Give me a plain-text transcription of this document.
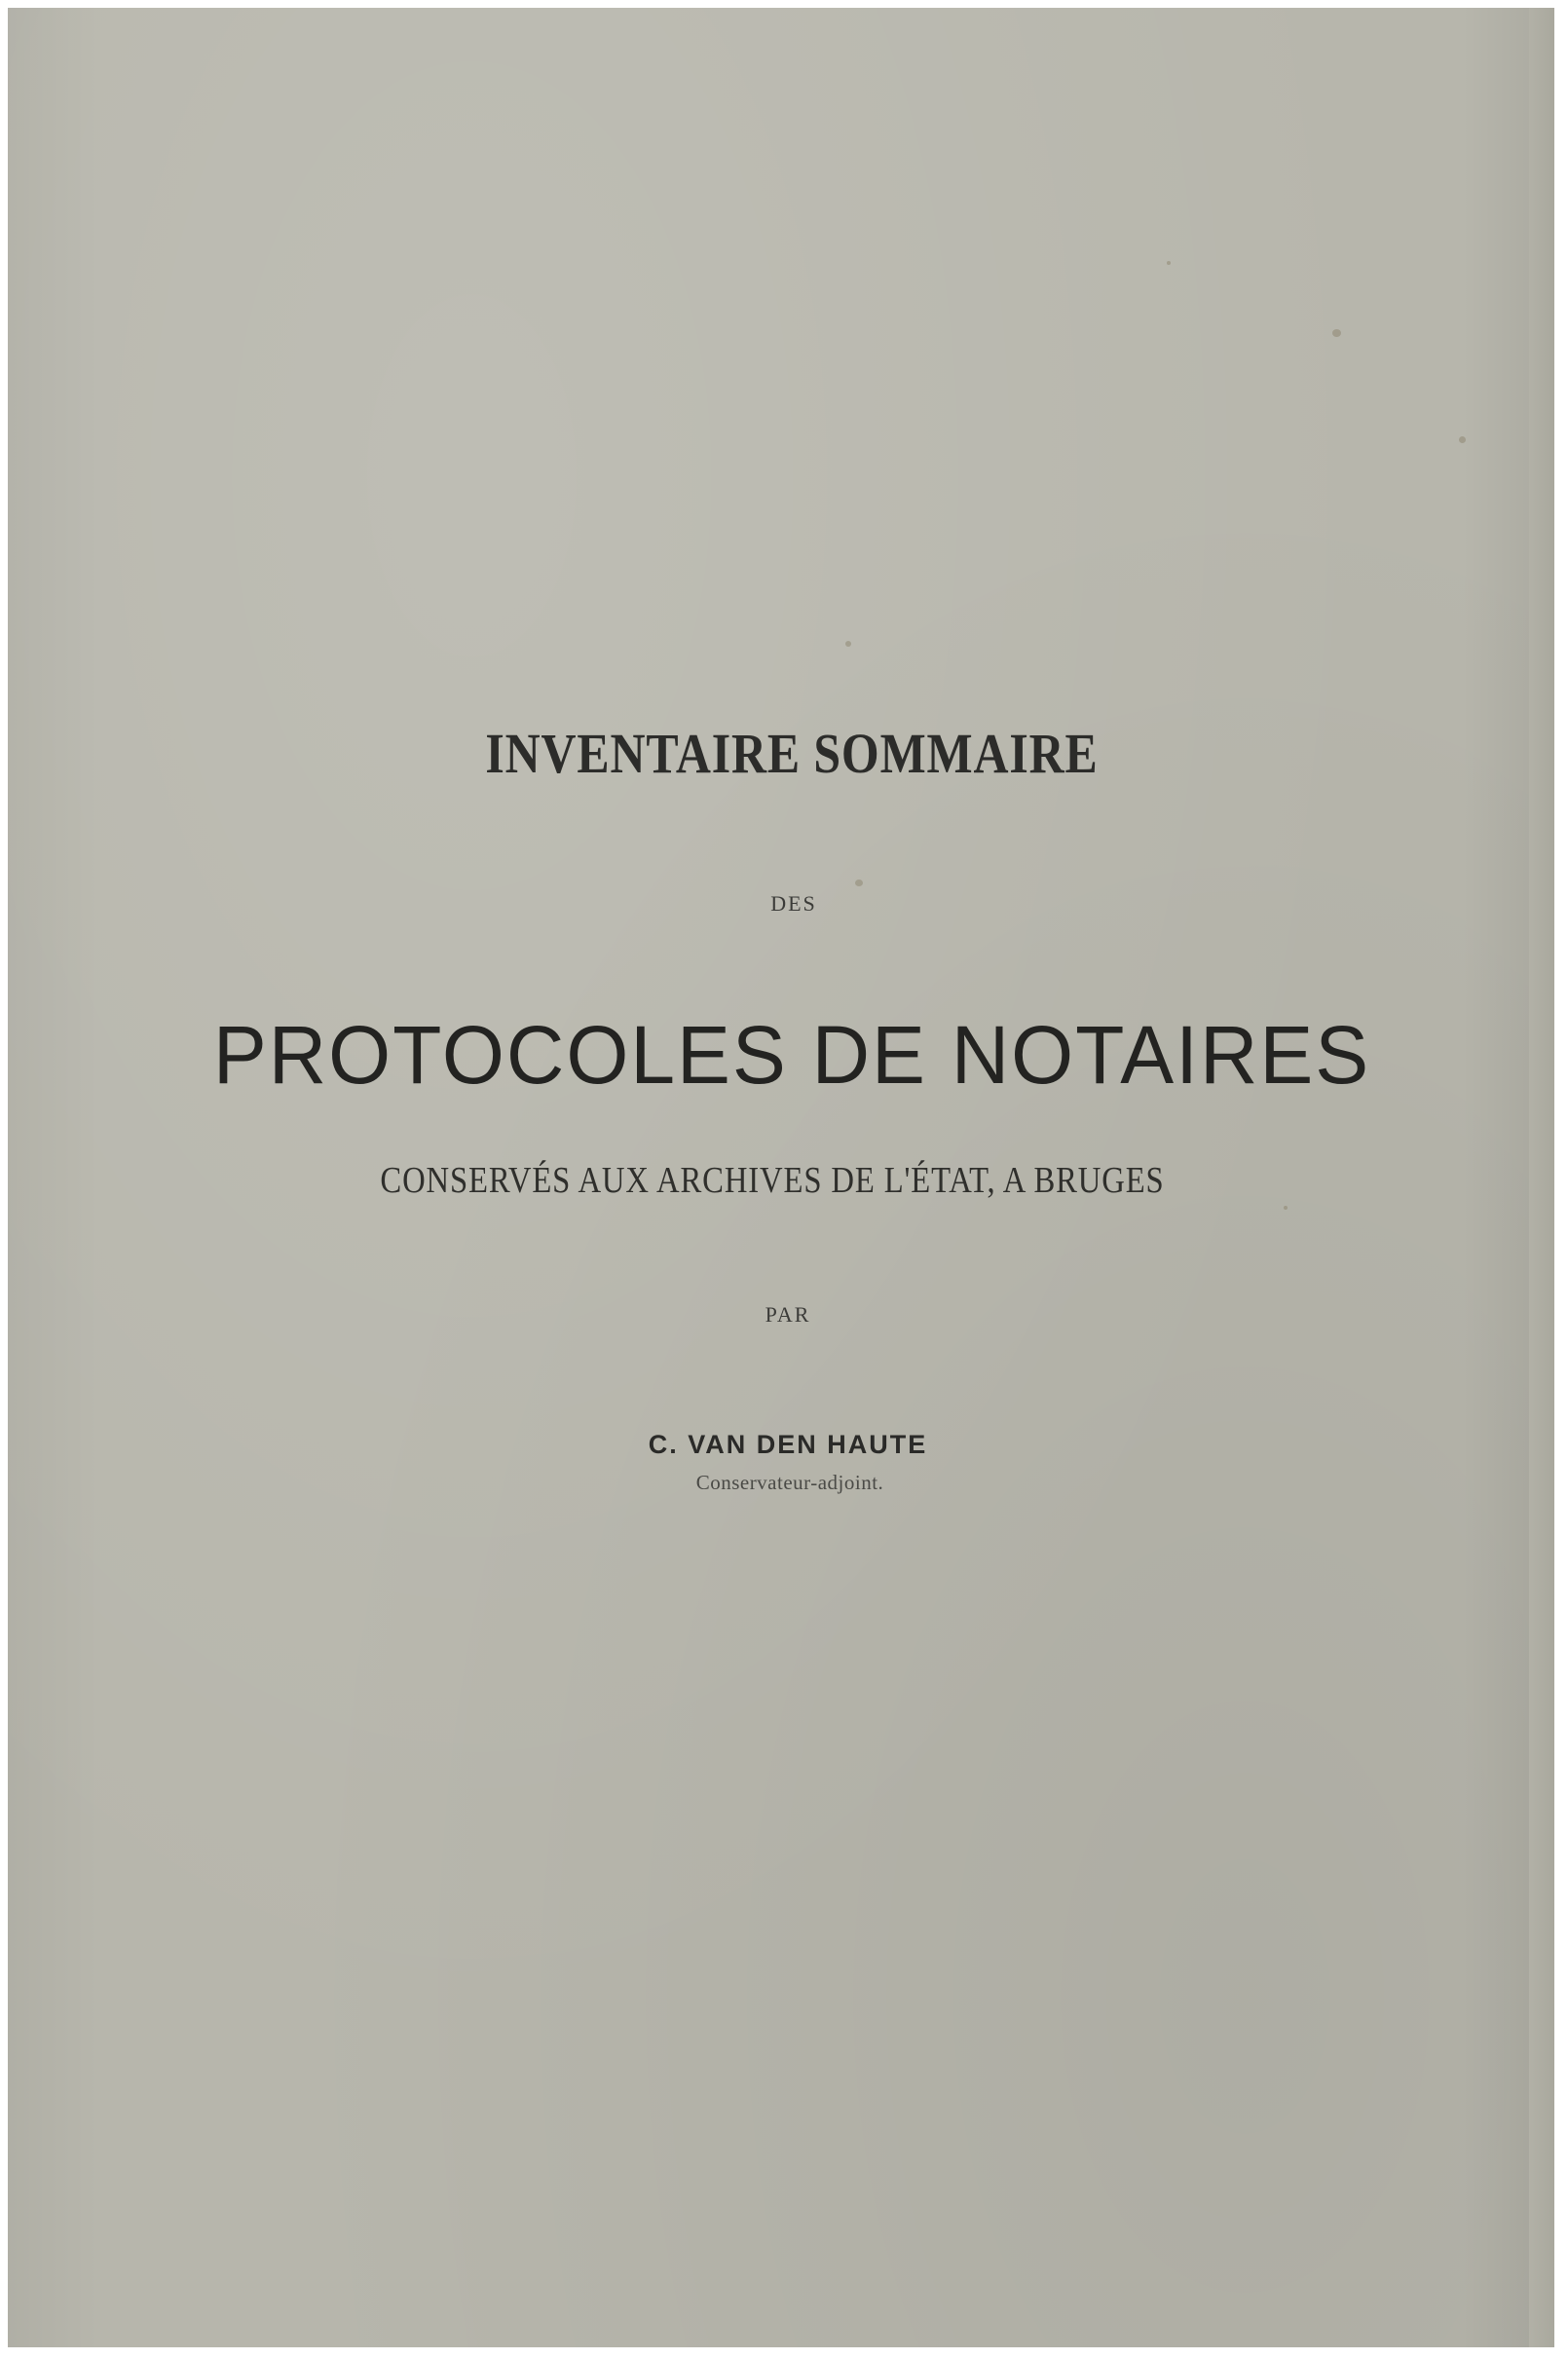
INVENTAIRE SOMMAIRE
DES
PROTOCOLES DE NOTAIRES
CONSERVÉS AUX ARCHIVES DE L'ÉTAT, A BRUGES
PAR
C. VAN DEN HAUTE
Conservateur-adjoint.
